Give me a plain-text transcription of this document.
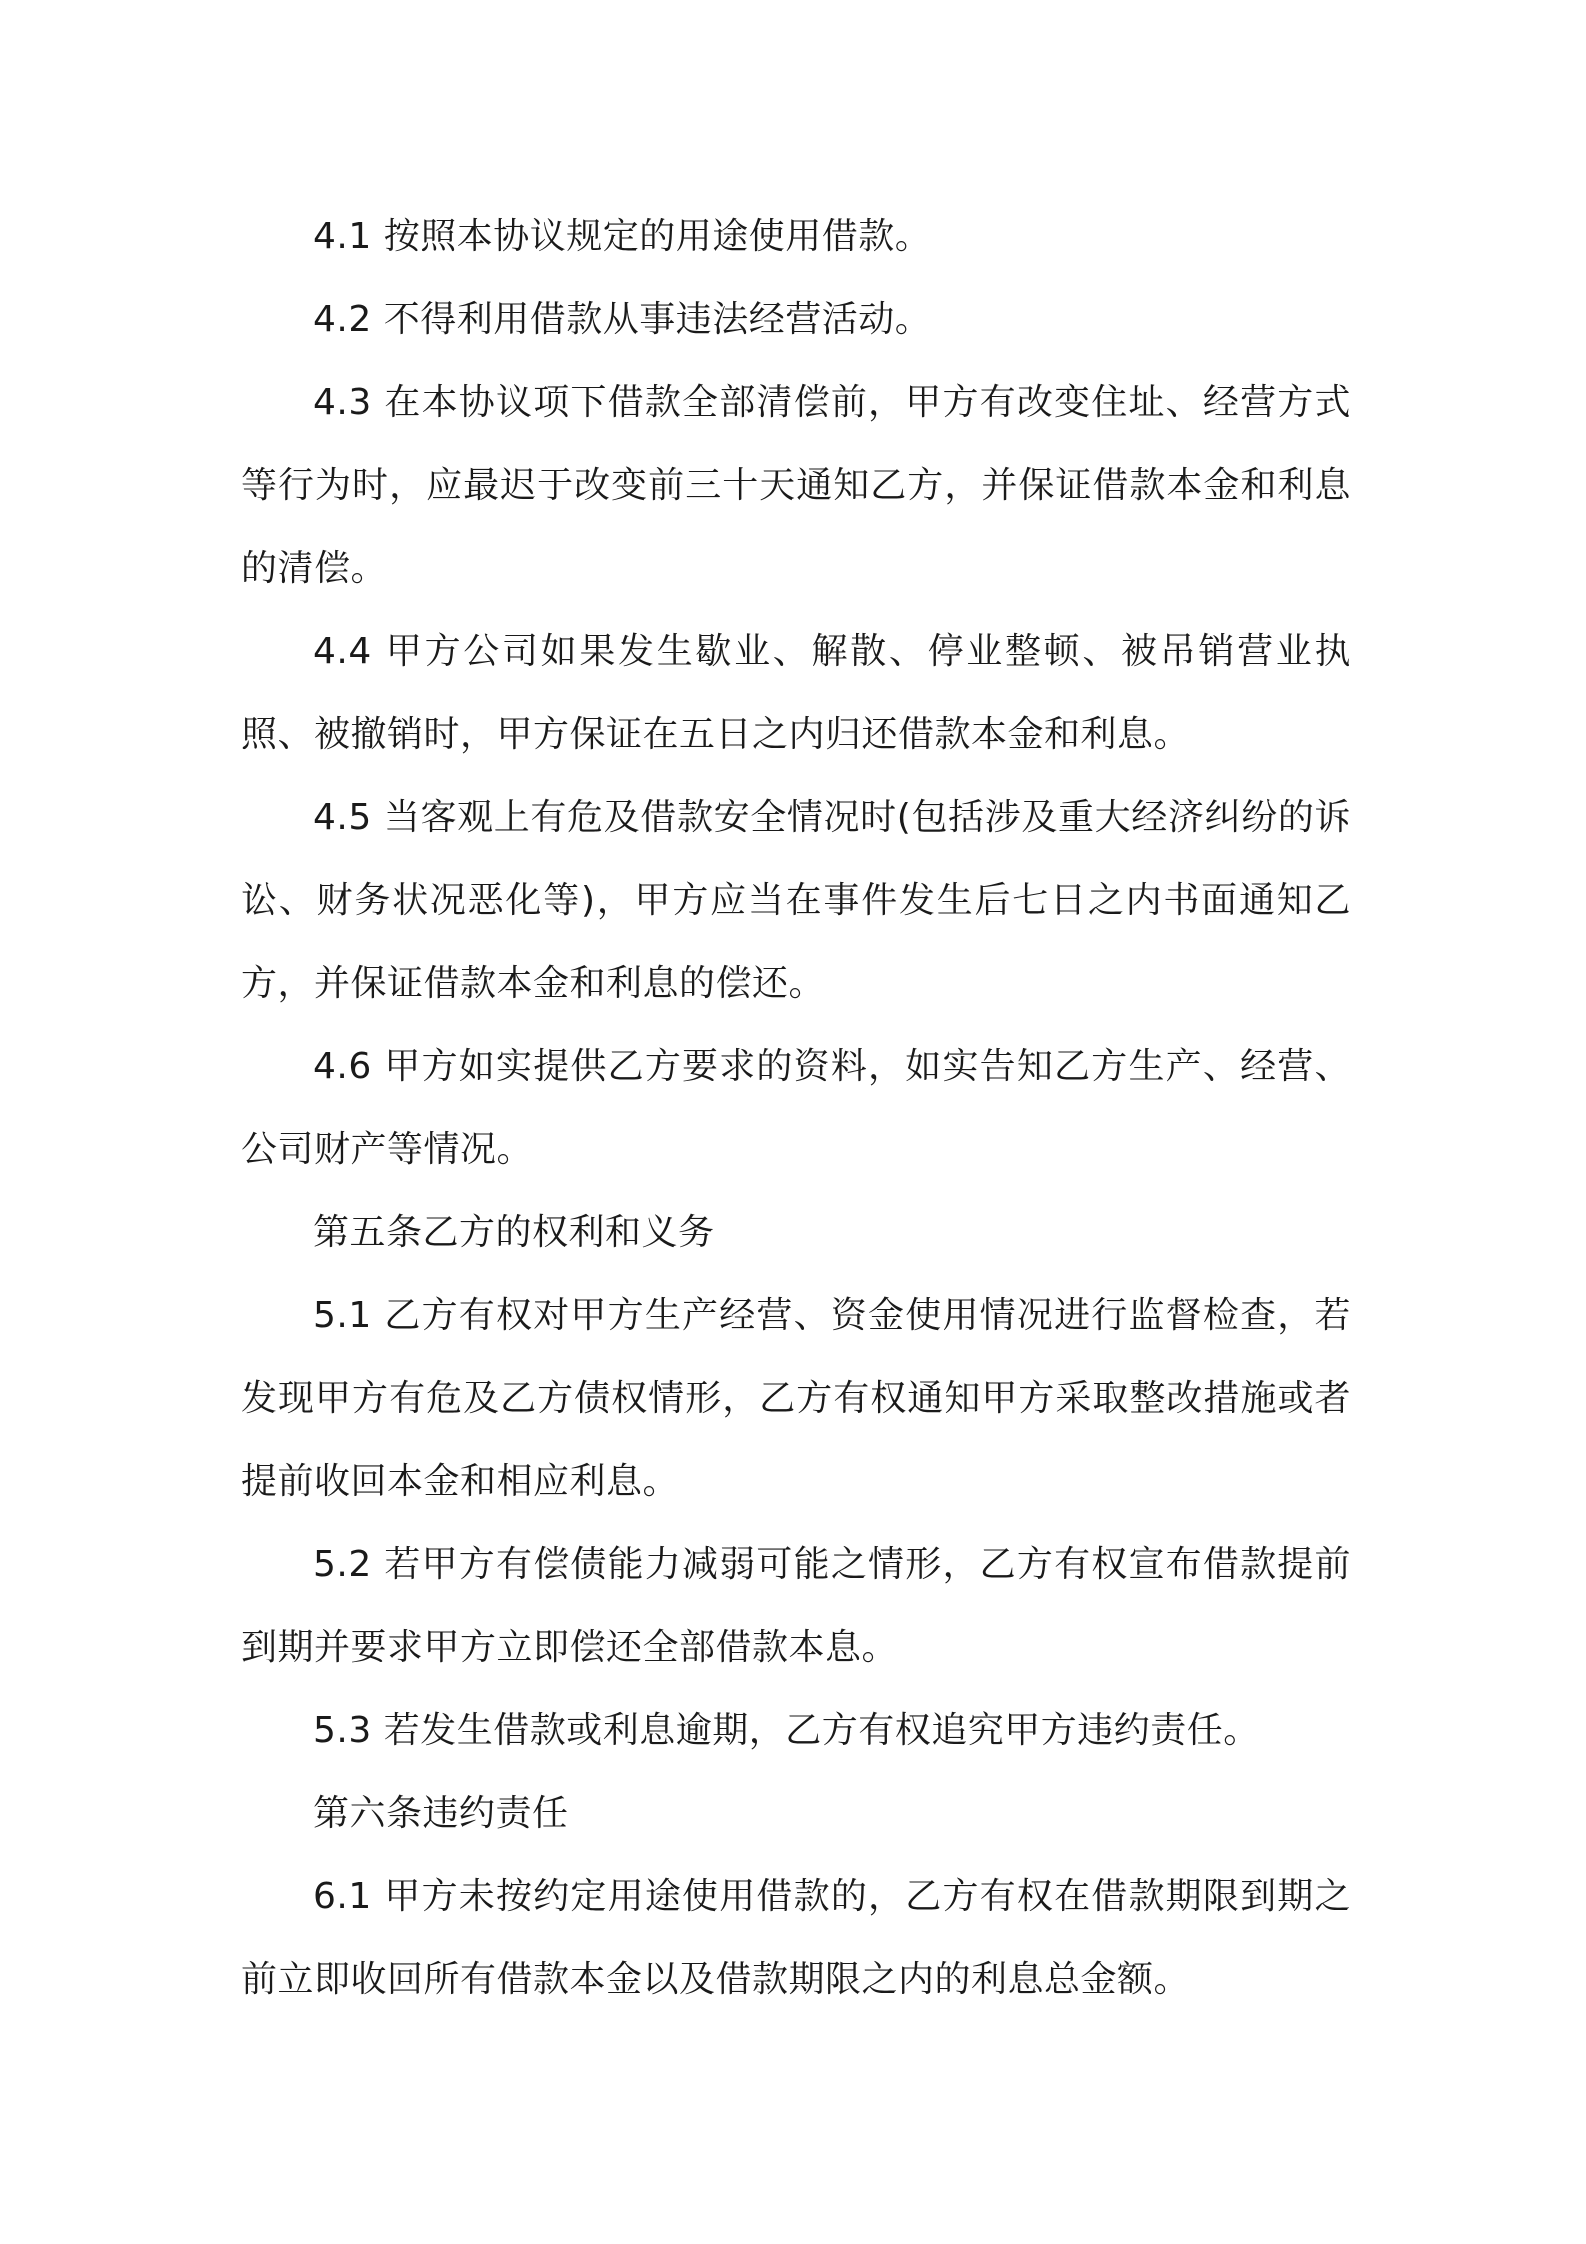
4.1 按照本协议规定的用途使用借款。

4.2 不得利用借款从事违法经营活动。

4.3 在本协议项下借款全部清偿前，甲方有改变住址、经营方式等行为时，应最迟于改变前三十天通知乙方，并保证借款本金和利息的清偿。

4.4 甲方公司如果发生歇业、解散、停业整顿、被吊销营业执照、被撤销时，甲方保证在五日之内归还借款本金和利息。

4.5 当客观上有危及借款安全情况时(包括涉及重大经济纠纷的诉讼、财务状况恶化等)，甲方应当在事件发生后七日之内书面通知乙方，并保证借款本金和利息的偿还。

4.6 甲方如实提供乙方要求的资料，如实告知乙方生产、经营、公司财产等情况。

第五条乙方的权利和义务

5.1 乙方有权对甲方生产经营、资金使用情况进行监督检查，若发现甲方有危及乙方债权情形，乙方有权通知甲方采取整改措施或者提前收回本金和相应利息。

5.2 若甲方有偿债能力减弱可能之情形，乙方有权宣布借款提前到期并要求甲方立即偿还全部借款本息。

5.3 若发生借款或利息逾期，乙方有权追究甲方违约责任。

第六条违约责任

6.1 甲方未按约定用途使用借款的，乙方有权在借款期限到期之前立即收回所有借款本金以及借款期限之内的利息总金额。
